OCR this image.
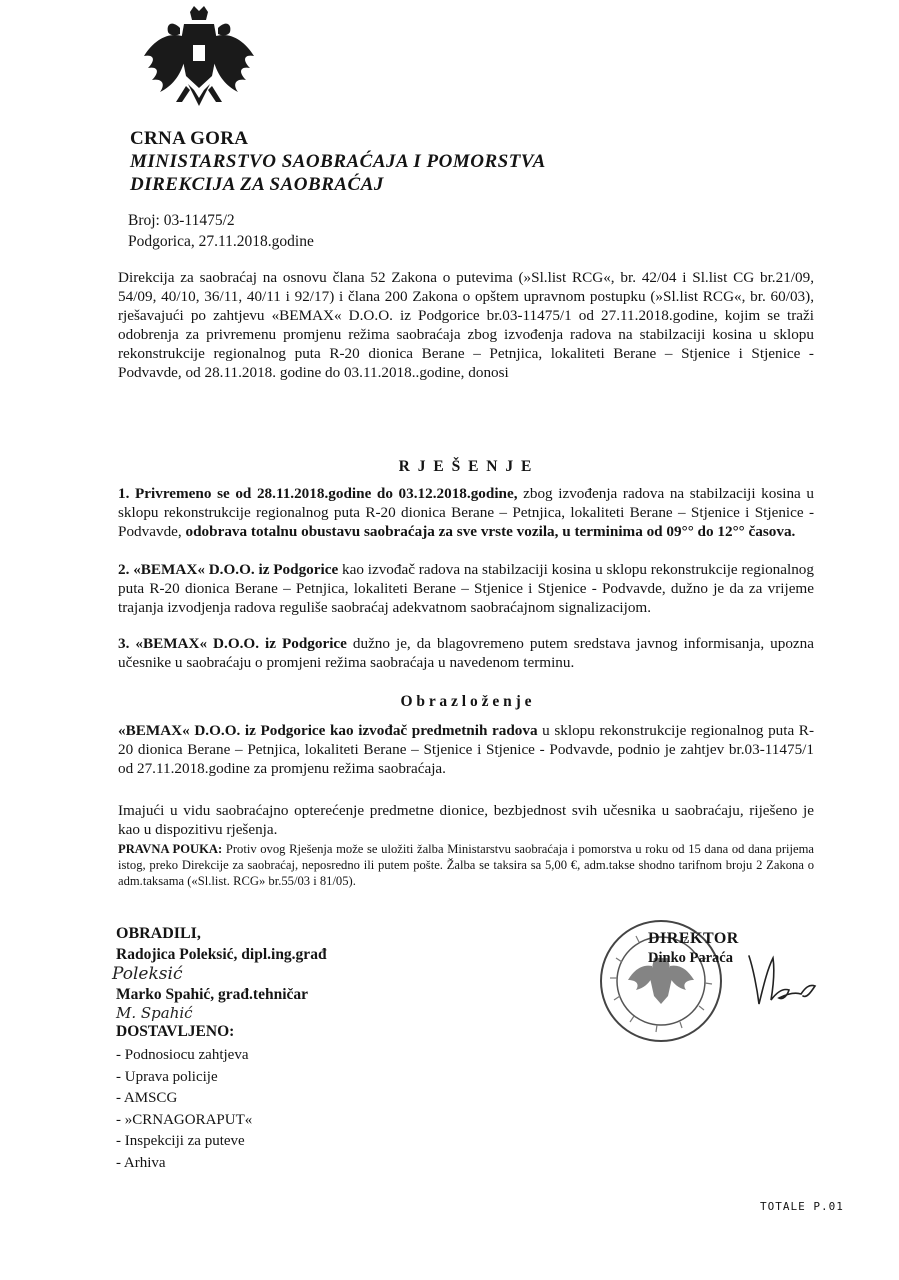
CRNA GORA
MINISTARSTVO SAOBRAĆAJA I POMORSTVA
DIREKCIJA ZA SAOBRAĆAJ
Broj: 03-11475/2
Podgorica, 27.11.2018.godine
Direkcija za saobraćaj na osnovu člana 52 Zakona o putevima (»Sl.list RCG«, br. 42/04 i Sl.list CG br.21/09, 54/09, 40/10, 36/11, 40/11 i 92/17) i člana 200 Zakona o opštem upravnom postupku (»Sl.list RCG«, br. 60/03), rješavajući po zahtjevu «BEMAX« D.O.O. iz Podgorice br.03-11475/1 od 27.11.2018.godine, kojim se traži odobrenja za privremenu promjenu režima saobraćaja zbog izvođenja radova na stabilzaciji kosina u sklopu rekonstrukcije regionalnog puta R-20 dionica Berane – Petnjica, lokaliteti Berane – Stjenice i Stjenice - Podvavde, od 28.11.2018. godine do 03.11.2018..godine, donosi
R J E Š E N J E
1. Privremeno se od 28.11.2018.godine do 03.12.2018.godine, zbog izvođenja radova na stabilzaciji kosina u sklopu rekonstrukcije regionalnog puta R-20 dionica Berane – Petnjica, lokaliteti Berane – Stjenice i Stjenice - Podvavde, odobrava totalnu obustavu saobraćaja za sve vrste vozila, u terminima od 09°° do 12°° časova.
2. «BEMAX« D.O.O. iz Podgorice kao izvođač radova na stabilzaciji kosina u sklopu rekonstrukcije regionalnog puta R-20 dionica Berane – Petnjica, lokaliteti Berane – Stjenice i Stjenice - Podvavde, dužno je da za vrijeme trajanja izvodjenja radova reguliše saobraćaj adekvatnom saobraćajnom signalizacijom.
3. «BEMAX« D.O.O. iz Podgorice dužno je, da blagovremeno putem sredstava javnog informisanja, upozna učesnike u saobraćaju o promjeni režima saobraćaja u navedenom terminu.
O b r a z l o ž e n j e
«BEMAX« D.O.O. iz Podgorice kao izvođač predmetnih radova u sklopu rekonstrukcije regionalnog puta R-20 dionica Berane – Petnjica, lokaliteti Berane – Stjenice i Stjenice - Podvavde, podnio je zahtjev br.03-11475/1 od 27.11.2018.godine za promjenu režima saobraćaja.
Imajući u vidu saobraćajno opterećenje predmetne dionice, bezbjednost svih učesnika u saobraćaju, riješeno je kao u dispozitivu rješenja.
PRAVNA POUKA: Protiv ovog Rješenja može se uložiti žalba Ministarstvu saobraćaja i pomorstva u roku od 15 dana od dana prijema istog, preko Direkcije za saobraćaj, neposredno ili putem pošte. Žalba se taksira sa 5,00 €, adm.takse shodno tarifnom broju 2 Zakona o adm.taksama («Sl.list. RCG» br.55/03 i 81/05).
OBRADILI,
Radojica Poleksić, dipl.ing.građ
Poleksić
Marko Spahić, građ.tehničar
M. Spahić
DOSTAVLJENO:
- Podnosiocu zahtjeva
- Uprava policije
- AMSCG
- »CRNAGORAPUT«
- Inspekciji za puteve
- Arhiva
DIREKTOR
Dinko Paraća
TOTALE P.01
